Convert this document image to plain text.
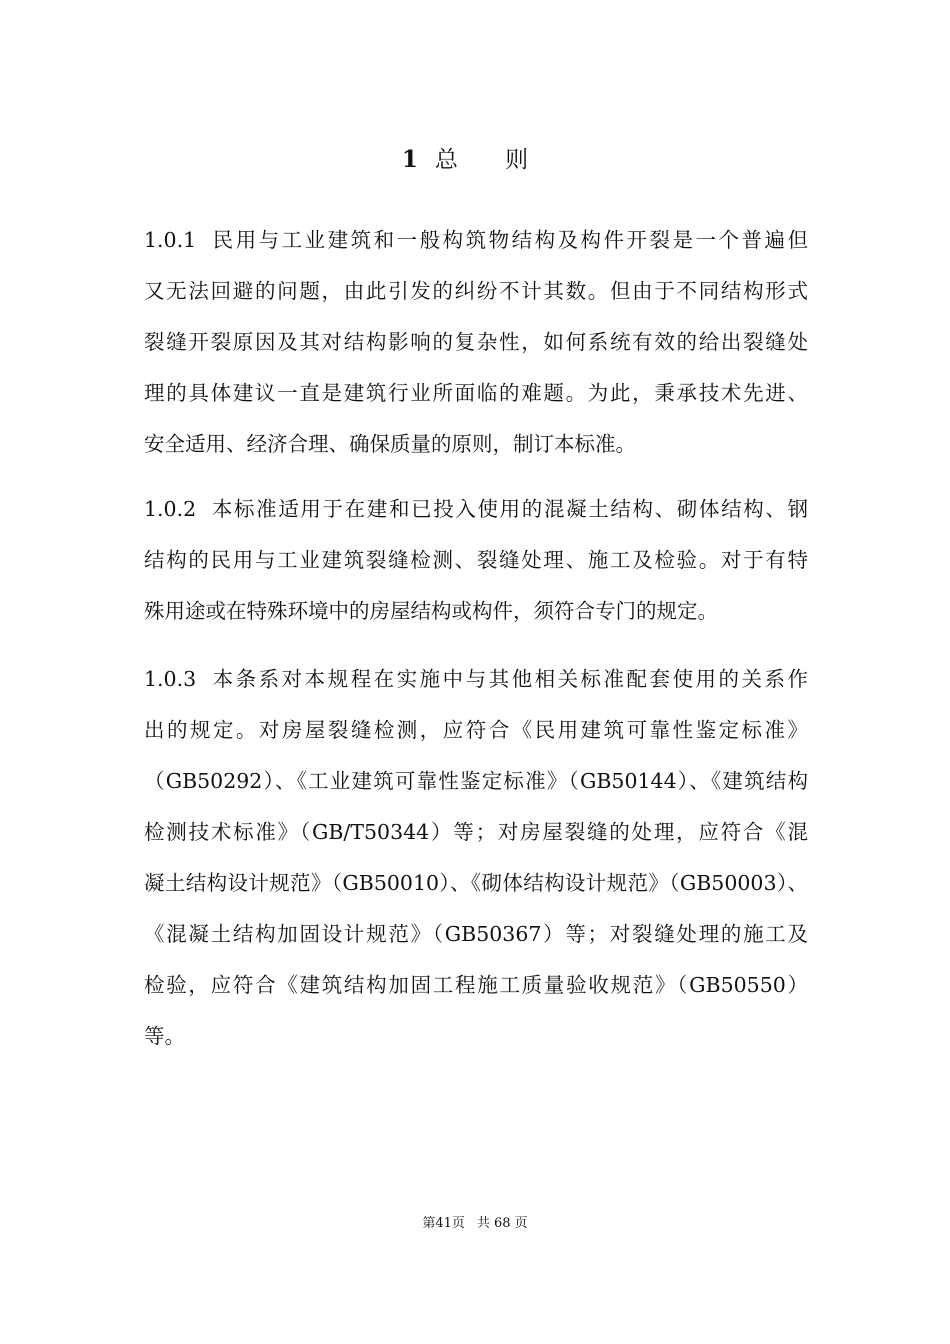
1 总 则

1.0.1 民用与工业建筑和一般构筑物结构及构件开裂是一个普遍但
又无法回避的问题，由此引发的纠纷不计其数。但由于不同结构形式
裂缝开裂原因及其对结构影响的复杂性，如何系统有效的给出裂缝处
理的具体建议一直是建筑行业所面临的难题。为此，秉承技术先进、
安全适用、经济合理、确保质量的原则，制订本标准。

1.0.2 本标准适用于在建和已投入使用的混凝土结构、砌体结构、钢
结构的民用与工业建筑裂缝检测、裂缝处理、施工及检验。对于有特
殊用途或在特殊环境中的房屋结构或构件，须符合专门的规定。

1.0.3 本条系对本规程在实施中与其他相关标准配套使用的关系作
出的规定。对房屋裂缝检测，应符合《民用建筑可靠性鉴定标准》
（GB50292）、《工业建筑可靠性鉴定标准》（GB50144）、《建筑结构
检测技术标准》（GB/T50344）等；对房屋裂缝的处理，应符合《混
凝土结构设计规范》（GB50010）、《砌体结构设计规范》（GB50003）、
《混凝土结构加固设计规范》（GB50367）等；对裂缝处理的施工及
检验，应符合《建筑结构加固工程施工质量验收规范》（GB50550）
等。

第41页 共 68 页
